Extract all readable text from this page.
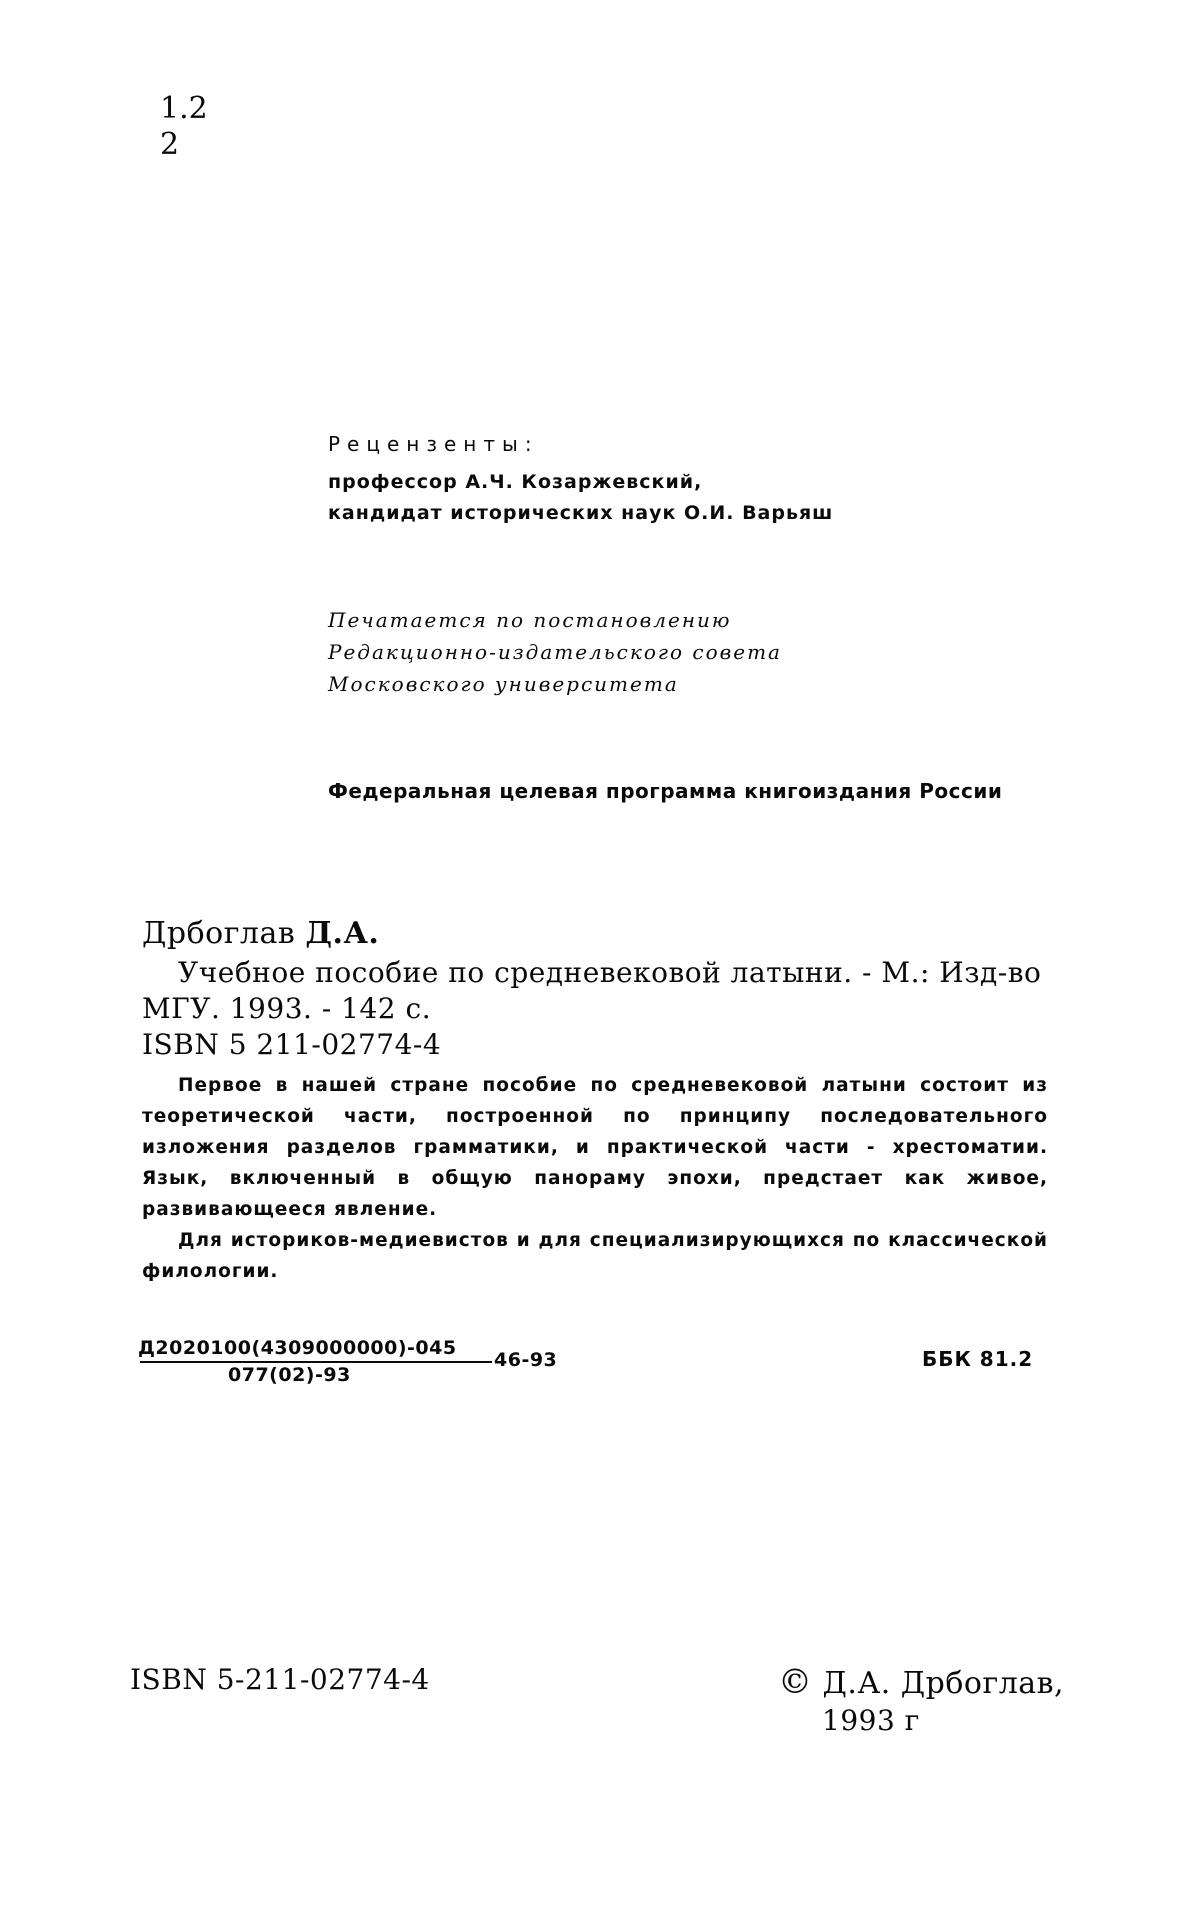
1.2
2
Рецензенты:
профессор А.Ч. Козаржевский,
кандидат исторических наук О.И. Варьяш
Печатается по постановлению
Редакционно-издательского совета
Московского университета
Федеральная целевая программа книгоиздания России
Дрбоглав Д.А.
Учебное пособие по средневековой латыни. - М.: Изд-во
МГУ. 1993. - 142 с.
ISBN 5 211-02774-4

Первое в нашей стране пособие по средневековой латыни состоит из теоретической части, построенной по принципу последовательного изложения разделов грамматики, и практической части - хрестоматии. Язык, включенный в общую панораму эпохи, предстает как живое, развивающееся явление.

Для историков-медиевистов и для специализирующихся по классической филологии.

Д2020100(4309000000)-045
077(02)-93
46-93	ББК 81.2
ISBN 5-211-02774-4	© Д.А. Дрбоглав,
1993 г
